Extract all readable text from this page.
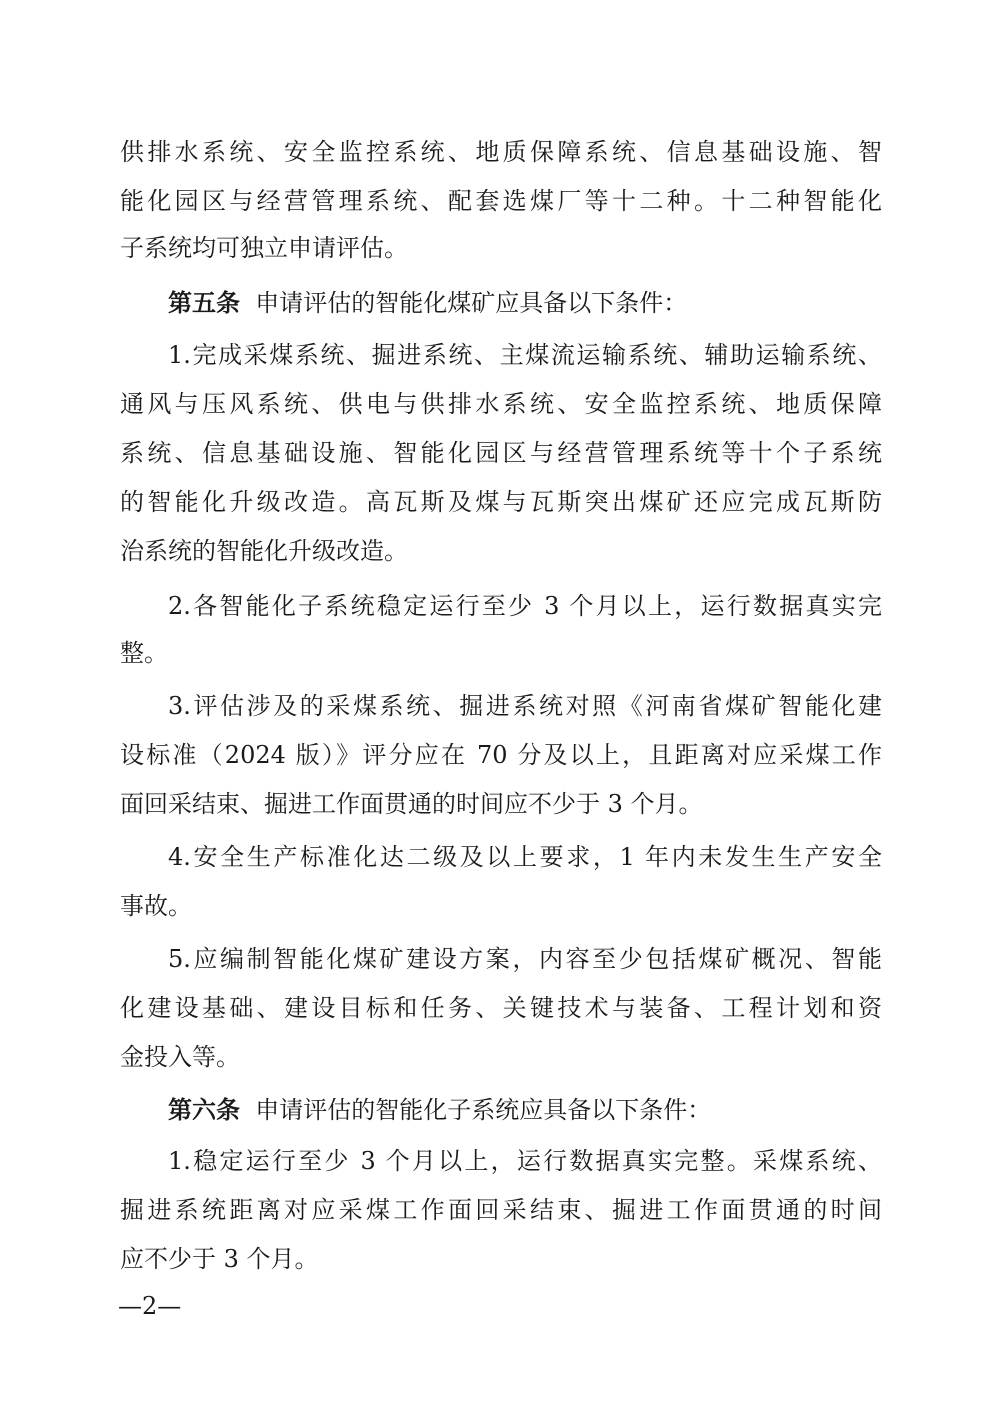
供排水系统、安全监控系统、地质保障系统、信息基础设施、智
能化园区与经营管理系统、配套选煤厂等十二种。十二种智能化
子系统均可独立申请评估。
第五条 申请评估的智能化煤矿应具备以下条件：
1.完成采煤系统、掘进系统、主煤流运输系统、辅助运输系统、
通风与压风系统、供电与供排水系统、安全监控系统、地质保障
系统、信息基础设施、智能化园区与经营管理系统等十个子系统
的智能化升级改造。高瓦斯及煤与瓦斯突出煤矿还应完成瓦斯防
治系统的智能化升级改造。
2.各智能化子系统稳定运行至少 3 个月以上，运行数据真实完
整。
3.评估涉及的采煤系统、掘进系统对照《河南省煤矿智能化建
设标准（2024 版）》评分应在 70 分及以上，且距离对应采煤工作
面回采结束、掘进工作面贯通的时间应不少于 3 个月。
4.安全生产标准化达二级及以上要求，1 年内未发生生产安全
事故。
5.应编制智能化煤矿建设方案，内容至少包括煤矿概况、智能
化建设基础、建设目标和任务、关键技术与装备、工程计划和资
金投入等。
第六条 申请评估的智能化子系统应具备以下条件：
1.稳定运行至少 3 个月以上，运行数据真实完整。采煤系统、
掘进系统距离对应采煤工作面回采结束、掘进工作面贯通的时间
应不少于 3 个月。
—2—
